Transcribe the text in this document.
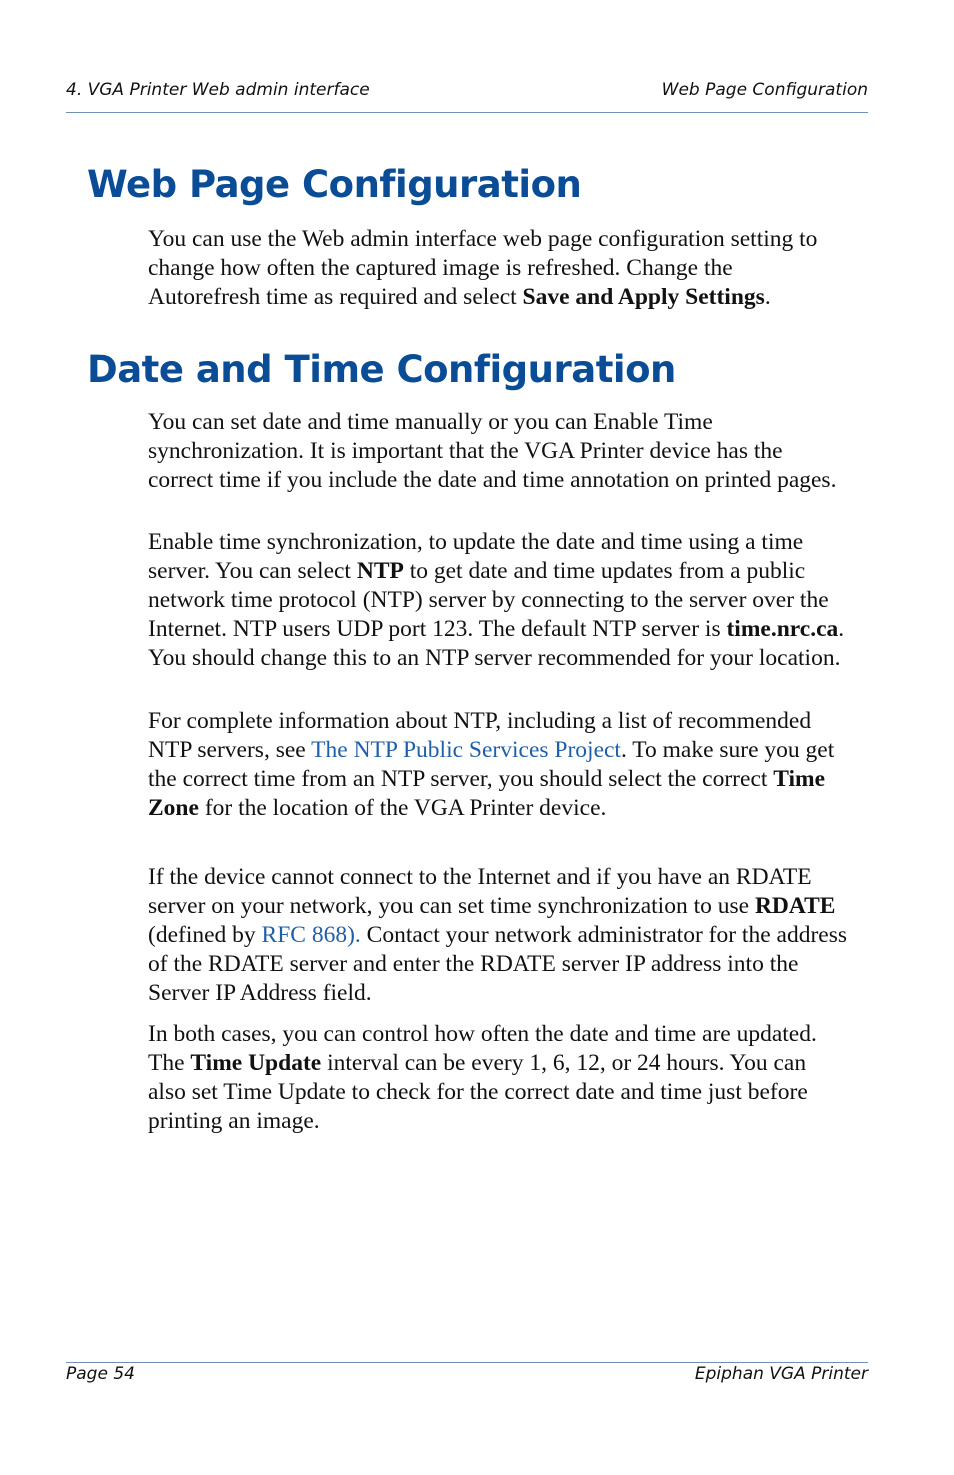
4. VGA Printer Web admin interface	Web Page Configuration
Web Page Configuration

You can use the Web admin interface web page configuration setting to change how often the captured image is refreshed. Change the Autorefresh time as required and select Save and Apply Settings.

Date and Time Configuration

You can set date and time manually or you can Enable Time synchronization. It is important that the VGA Printer device has the correct time if you include the date and time annotation on printed pages.

Enable time synchronization, to update the date and time using a time server. You can select NTP to get date and time updates from a public network time protocol (NTP) server by connecting to the server over the Internet. NTP users UDP port 123. The default NTP server is time.nrc.ca. You should change this to an NTP server recommended for your location.

For complete information about NTP, including a list of recommended NTP servers, see The NTP Public Services Project. To make sure you get the correct time from an NTP server, you should select the correct Time Zone for the location of the VGA Printer device.

If the device cannot connect to the Internet and if you have an RDATE server on your network, you can set time synchronization to use RDATE (defined by RFC 868). Contact your network administrator for the address of the RDATE server and enter the RDATE server IP address into the Server IP Address field.

In both cases, you can control how often the date and time are updated. The Time Update interval can be every 1, 6, 12, or 24 hours. You can also set Time Update to check for the correct date and time just before printing an image.

Page 54	Epiphan VGA Printer
